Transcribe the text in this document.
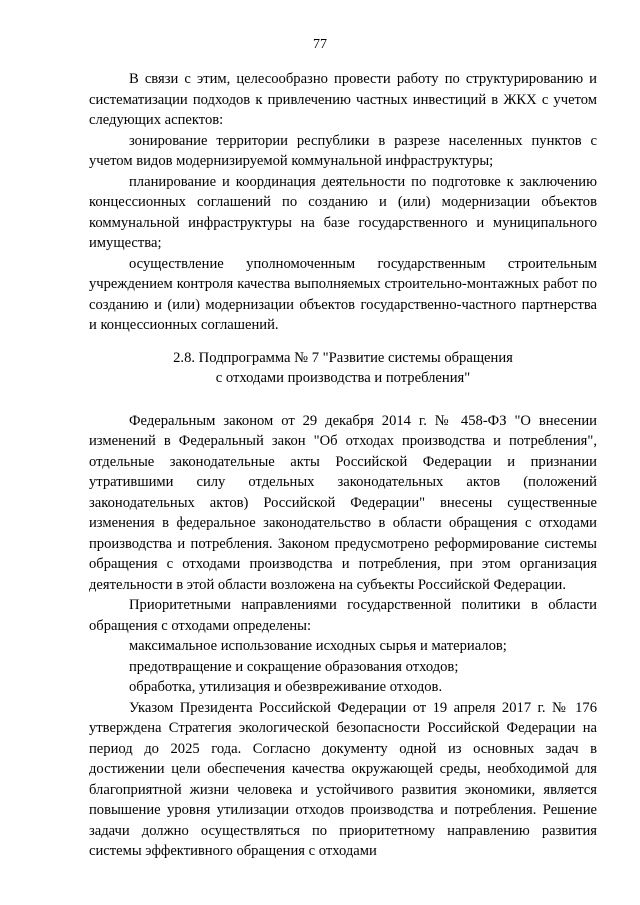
77

В связи с этим, целесообразно провести работу по структурированию и систематизации подходов к привлечению частных инвестиций в ЖКХ с учетом следующих аспектов:

зонирование территории республики в разрезе населенных пунктов с учетом видов модернизируемой коммунальной инфраструктуры;

планирование и координация деятельности по подготовке к заключению концессионных соглашений по созданию и (или) модернизации объектов коммунальной инфраструктуры на базе государственного и муниципального имущества;

осуществление уполномоченным государственным строительным учреждением контроля качества выполняемых строительно-монтажных работ по созданию и (или) модернизации объектов государственно-частного партнерства и концессионных соглашений.

2.8. Подпрограмма № 7 "Развитие системы обращения
с отходами производства и потребления"

Федеральным законом от 29 декабря 2014 г. № 458-ФЗ "О внесении изменений в Федеральный закон "Об отходах производства и потребления", отдельные законодательные акты Российской Федерации и признании утратившими силу отдельных законодательных актов (положений законодательных актов) Российской Федерации" внесены существенные изменения в федеральное законодательство в области обращения с отходами производства и потребления. Законом предусмотрено реформирование системы обращения с отходами производства и потребления, при этом организация деятельности в этой области возложена на субъекты Российской Федерации.

Приоритетными направлениями государственной политики в области обращения с отходами определены:

максимальное использование исходных сырья и материалов;

предотвращение и сокращение образования отходов;

обработка, утилизация и обезвреживание отходов.

Указом Президента Российской Федерации от 19 апреля 2017 г. № 176 утверждена Стратегия экологической безопасности Российской Федерации на период до 2025 года. Согласно документу одной из основных задач в достижении цели обеспечения качества окружающей среды, необходимой для благоприятной жизни человека и устойчивого развития экономики, является повышение уровня утилизации отходов производства и потребления. Решение задачи должно осуществляться по приоритетному направлению развития системы эффективного обращения с отходами
